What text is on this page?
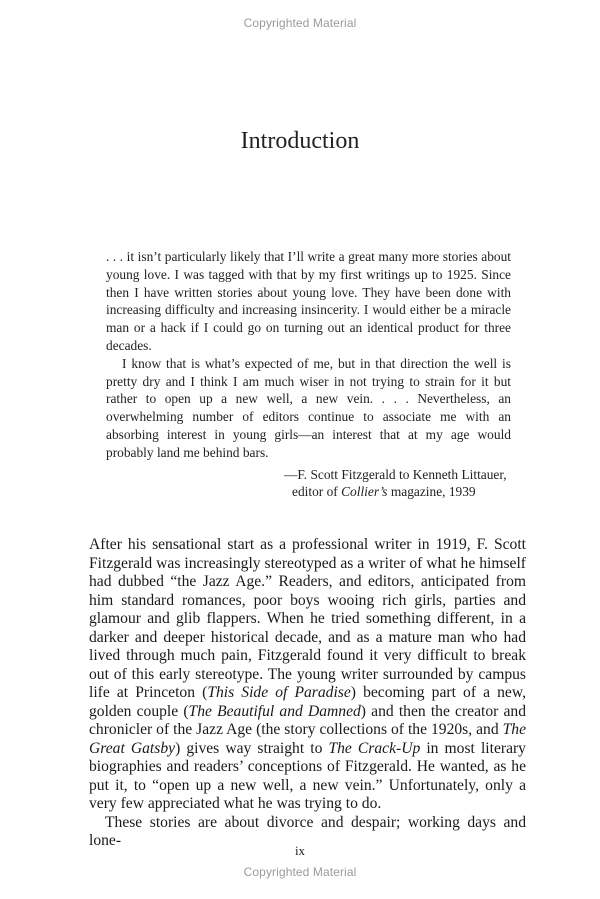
Copyrighted Material
Introduction

. . . it isn’t particularly likely that I’ll write a great many more stories about young love. I was tagged with that by my first writings up to 1925. Since then I have written stories about young love. They have been done with increasing difficulty and increasing insincerity. I would either be a miracle man or a hack if I could go on turning out an identical product for three decades.

I know that is what’s expected of me, but in that direction the well is pretty dry and I think I am much wiser in not trying to strain for it but rather to open up a new well, a new vein. . . . Nevertheless, an overwhelming number of editors continue to associate me with an absorbing interest in young girls—an interest that at my age would probably land me behind bars.

—F. Scott Fitzgerald to Kenneth Littauer,
editor of Collier’s magazine, 1939

After his sensational start as a professional writer in 1919, F. Scott Fitzgerald was increasingly stereotyped as a writer of what he himself had dubbed “the Jazz Age.” Readers, and editors, anticipated from him standard romances, poor boys wooing rich girls, parties and glamour and glib flappers. When he tried something different, in a darker and deeper historical decade, and as a mature man who had lived through much pain, Fitzgerald found it very difficult to break out of this early stereotype. The young writer surrounded by campus life at Princeton (This Side of Paradise) becoming part of a new, golden couple (The Beautiful and Damned) and then the creator and chronicler of the Jazz Age (the story collections of the 1920s, and The Great Gatsby) gives way straight to The Crack-Up in most literary biographies and readers’ conceptions of Fitzgerald. He wanted, as he put it, to “open up a new well, a new vein.” Unfortunately, only a very few appreciated what he was trying to do.

These stories are about divorce and despair; working days and lone-

ix
Copyrighted Material
